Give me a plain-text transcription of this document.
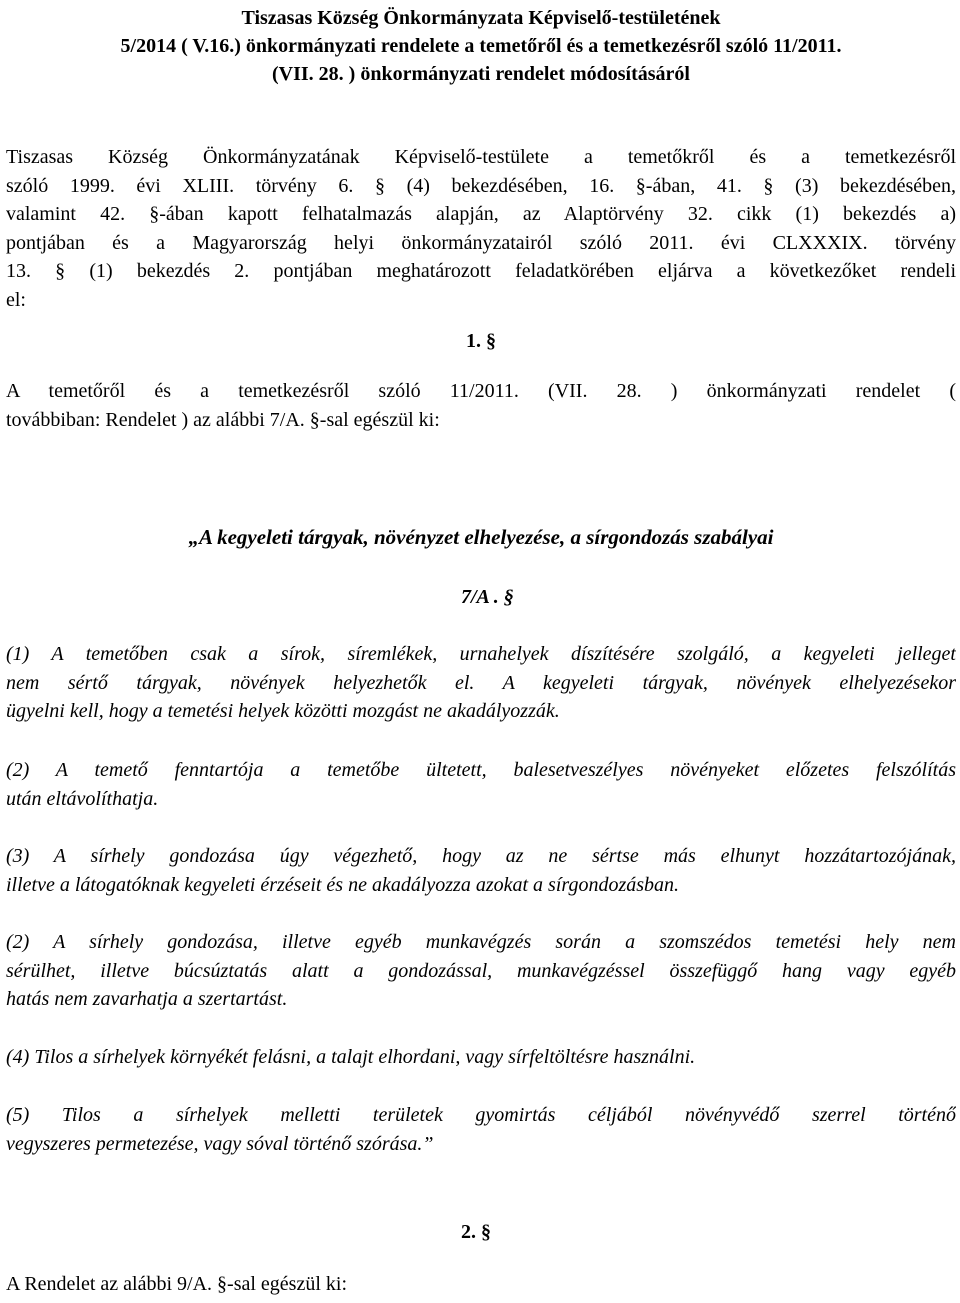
Tiszasas Község Önkormányzata Képviselő-testületének
5/2014 ( V.16.) önkormányzati rendelete a temetőről és a temetkezésről szóló 11/2011.
(VII. 28. ) önkormányzati rendelet módosításáról
Tiszasas Község Önkormányzatának Képviselő-testülete a temetőkről és a temetkezésről
szóló 1999. évi XLIII. törvény 6. § (4) bekezdésében, 16. §-ában, 41. § (3) bekezdésében,
valamint 42. §-ában kapott felhatalmazás alapján, az Alaptörvény 32. cikk (1) bekezdés a)
pontjában és a Magyarország helyi önkormányzatairól szóló 2011. évi CLXXXIX. törvény
13. § (1) bekezdés 2. pontjában meghatározott feladatkörében eljárva a következőket rendeli
el:
1. §
A temetőről és a temetkezésről szóló 11/2011. (VII. 28. ) önkormányzati rendelet (
továbbiban: Rendelet ) az alábbi 7/A. §-sal egészül ki:
„A kegyeleti tárgyak, növényzet elhelyezése, a sírgondozás szabályai
7/A . §
(1) A temetőben csak a sírok, síremlékek, urnahelyek díszítésére szolgáló, a kegyeleti jelleget
nem sértő tárgyak, növények helyezhetők el. A kegyeleti tárgyak, növények elhelyezésekor
ügyelni kell, hogy a temetési helyek közötti mozgást ne akadályozzák.
(2) A temető fenntartója a temetőbe ültetett, balesetveszélyes növényeket előzetes felszólítás
után eltávolíthatja.
(3) A sírhely gondozása úgy végezhető, hogy az ne sértse más elhunyt hozzátartozójának,
illetve a látogatóknak kegyeleti érzéseit és ne akadályozza azokat a sírgondozásban.
(2) A sírhely gondozása, illetve egyéb munkavégzés során a szomszédos temetési hely nem
sérülhet, illetve búcsúztatás alatt a gondozással, munkavégzéssel összefüggő hang vagy egyéb
hatás nem zavarhatja a szertartást.
(4) Tilos a sírhelyek környékét felásni, a talajt elhordani, vagy sírfeltöltésre használni.
(5) Tilos a sírhelyek melletti területek gyomirtás céljából növényvédő szerrel történő
vegyszeres permetezése, vagy sóval történő szórása.”
2. §
A Rendelet az alábbi 9/A. §-sal egészül ki:
